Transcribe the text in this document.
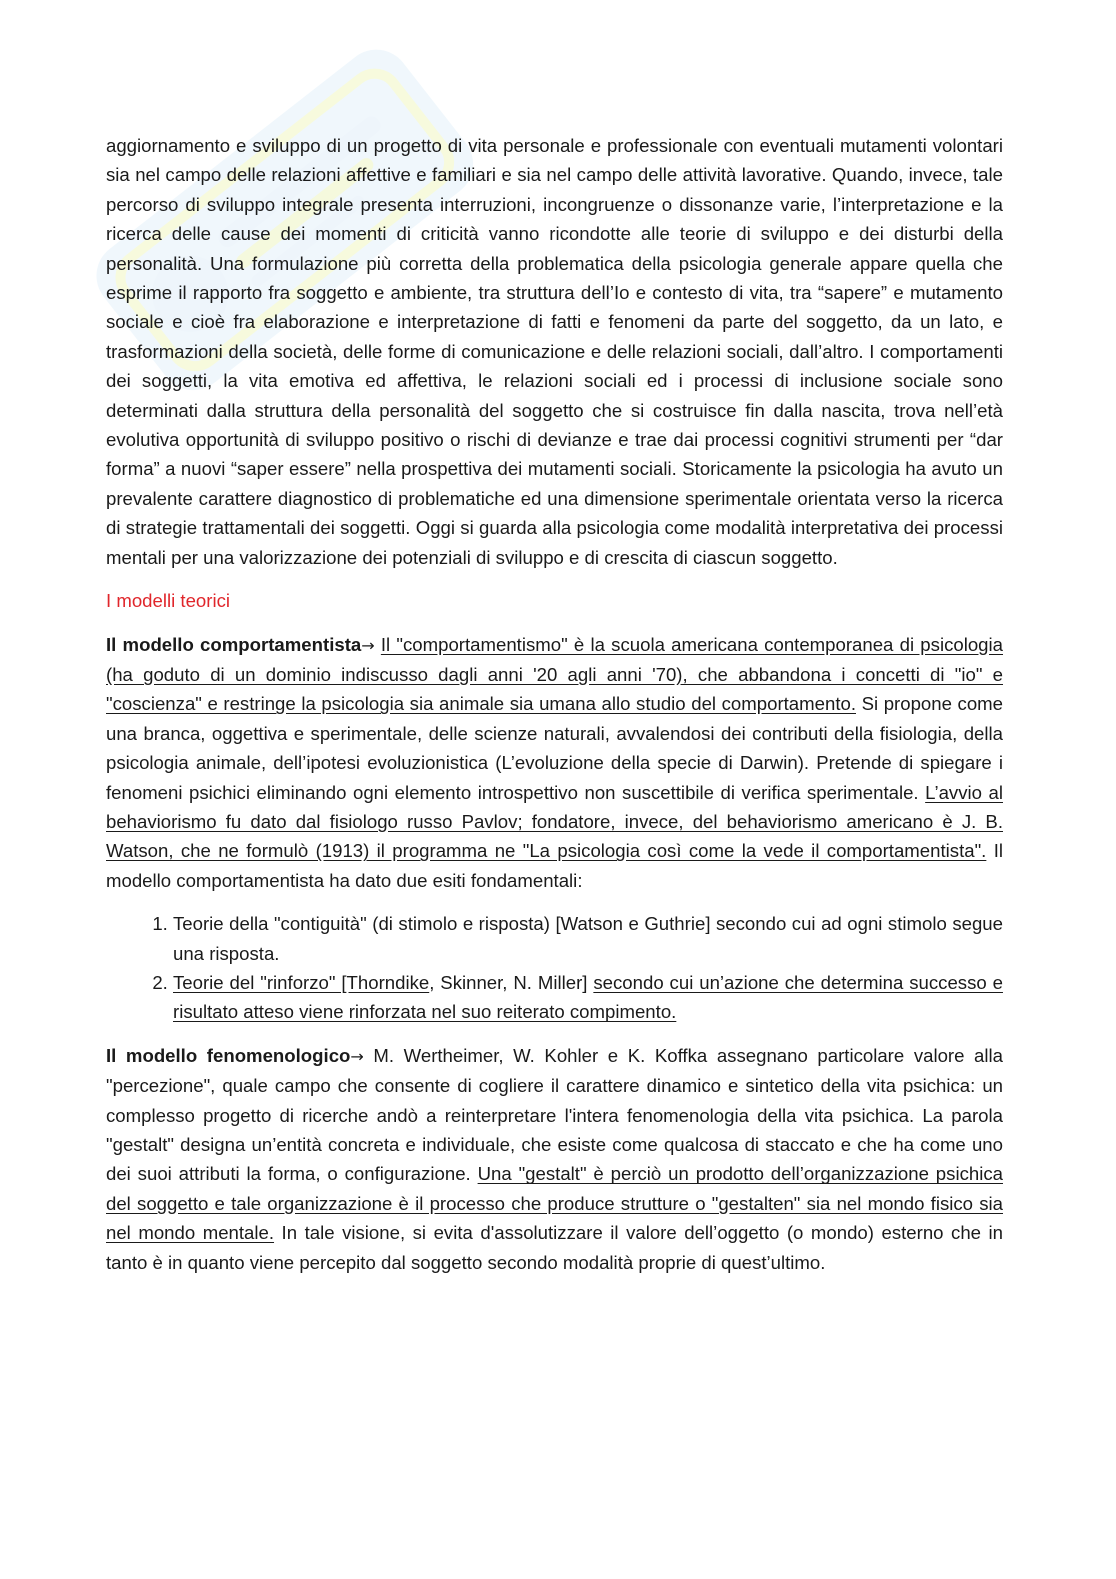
aggiornamento e sviluppo di un progetto di vita personale e professionale con eventuali mutamenti volontari sia nel campo delle relazioni affettive e familiari e sia nel campo delle attività lavorative. Quando, invece, tale percorso di sviluppo integrale presenta interruzioni, incongruenze o dissonanze varie, l’interpretazione e la ricerca delle cause dei momenti di criticità vanno ricondotte alle teorie di sviluppo e dei disturbi della personalità. Una formulazione più corretta della problematica della psicologia generale appare quella che esprime il rapporto fra soggetto e ambiente, tra struttura dell’Io e contesto di vita, tra “sapere” e mutamento sociale e cioè fra elaborazione e interpretazione di fatti e fenomeni da parte del soggetto, da un lato, e trasformazioni della società, delle forme di comunicazione e delle relazioni sociali, dall’altro. I comportamenti dei soggetti, la vita emotiva ed affettiva, le relazioni sociali ed i processi di inclusione sociale sono determinati dalla struttura della personalità del soggetto che si costruisce fin dalla nascita, trova nell’età evolutiva opportunità di sviluppo positivo o rischi di devianze e trae dai processi cognitivi strumenti per “dar forma” a nuovi “saper essere” nella prospettiva dei mutamenti sociali. Storicamente la psicologia ha avuto un prevalente carattere diagnostico di problematiche ed una dimensione sperimentale orientata verso la ricerca di strategie trattamentali dei soggetti. Oggi si guarda alla psicologia come modalità interpretativa dei processi mentali per una valorizzazione dei potenziali di sviluppo e di crescita di ciascun soggetto.

I modelli teorici

Il modello comportamentista→ Il "comportamentismo" è la scuola americana contemporanea di psicologia (ha goduto di un dominio indiscusso dagli anni '20 agli anni '70), che abbandona i concetti di "io" e "coscienza" e restringe la psicologia sia animale sia umana allo studio del comportamento. Si propone come una branca, oggettiva e sperimentale, delle scienze naturali, avvalendosi dei contributi della fisiologia, della psicologia animale, dell’ipotesi evoluzionistica (L’evoluzione della specie di Darwin). Pretende di spiegare i fenomeni psichici eliminando ogni elemento introspettivo non suscettibile di verifica sperimentale. L’avvio al behaviorismo fu dato dal fisiologo russo Pavlov; fondatore, invece, del behaviorismo americano è J. B. Watson, che ne formulò (1913) il programma ne "La psicologia così come la vede il comportamentista". Il modello comportamentista ha dato due esiti fondamentali:

1. Teorie della "contiguità" (di stimolo e risposta) [Watson e Guthrie] secondo cui ad ogni stimolo segue una risposta.
2. Teorie del "rinforzo" [Thorndike, Skinner, N. Miller] secondo cui un’azione che determina successo e risultato atteso viene rinforzata nel suo reiterato compimento.

Il modello fenomenologico→ M. Wertheimer, W. Kohler e K. Koffka assegnano particolare valore alla "percezione", quale campo che consente di cogliere il carattere dinamico e sintetico della vita psichica: un complesso progetto di ricerche andò a reinterpretare l'intera fenomenologia della vita psichica. La parola "gestalt" designa un’entità concreta e individuale, che esiste come qualcosa di staccato e che ha come uno dei suoi attributi la forma, o configurazione. Una "gestalt" è perciò un prodotto dell’organizzazione psichica del soggetto e tale organizzazione è il processo che produce strutture o "gestalten" sia nel mondo fisico sia nel mondo mentale. In tale visione, si evita d'assolutizzare il valore dell’oggetto (o mondo) esterno che in tanto è in quanto viene percepito dal soggetto secondo modalità proprie di quest’ultimo.
